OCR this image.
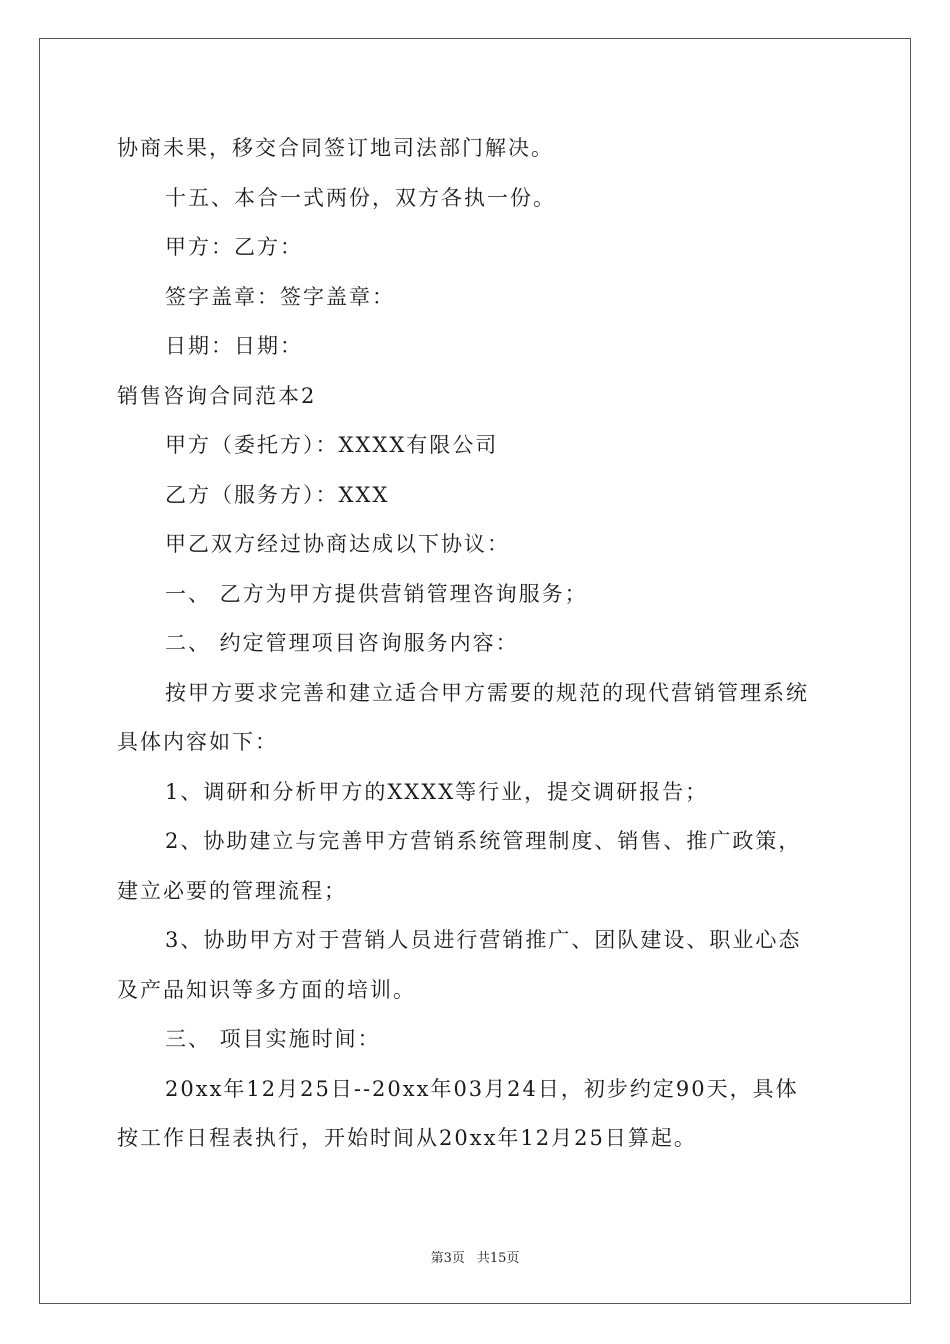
协商未果，移交合同签订地司法部门解决。

十五、本合一式两份，双方各执一份。

甲方：乙方：

签字盖章：签字盖章：

日期：日期：

销售咨询合同范本2

甲方（委托方）：XXXX有限公司

乙方（服务方）：XXX

甲乙双方经过协商达成以下协议：

一、 乙方为甲方提供营销管理咨询服务；

二、 约定管理项目咨询服务内容：

按甲方要求完善和建立适合甲方需要的规范的现代营销管理系统

具体内容如下：

1、调研和分析甲方的XXXX等行业，提交调研报告；

2、协助建立与完善甲方营销系统管理制度、销售、推广政策，

建立必要的管理流程；

3、协助甲方对于营销人员进行营销推广、团队建设、职业心态

及产品知识等多方面的培训。

三、 项目实施时间：

20xx年12月25日--20xx年03月24日，初步约定90天，具体

按工作日程表执行，开始时间从20xx年12月25日算起。

第3页 共15页
